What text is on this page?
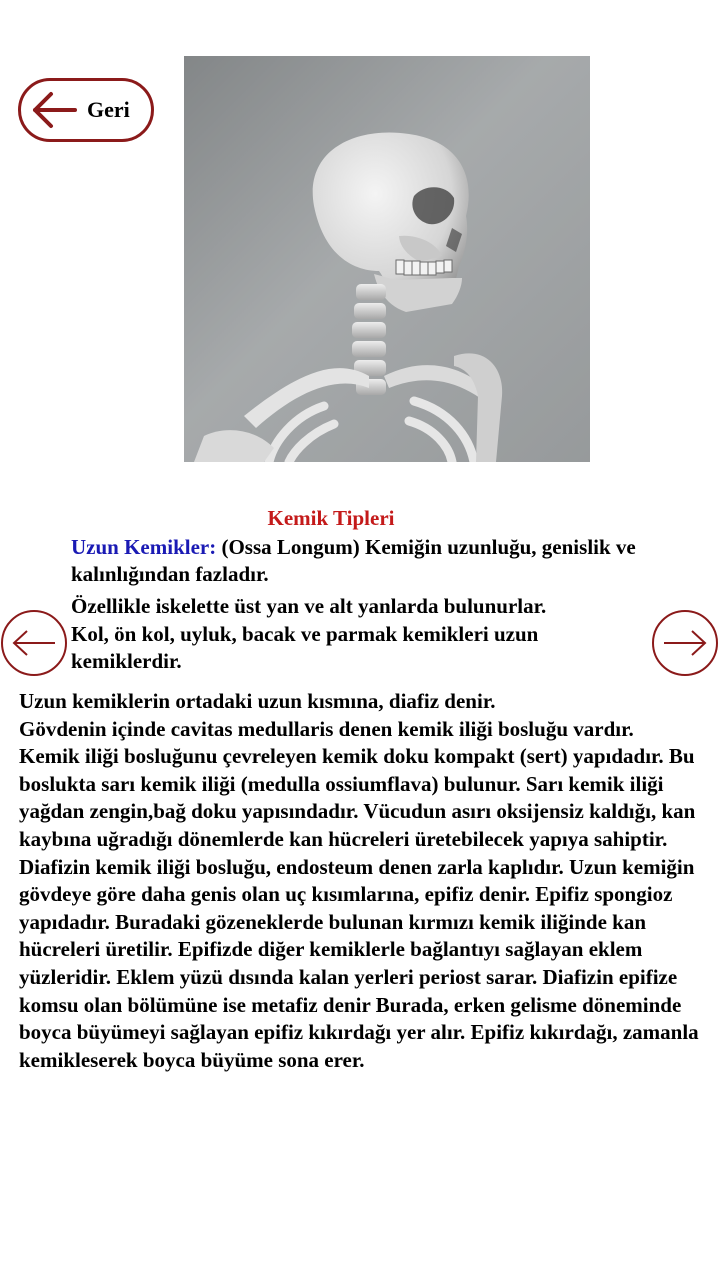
Geri
Kemik Tipleri
Uzun Kemikler: (Ossa Longum) Kemiğin uzunluğu, genislik ve kalınlığından fazladır.
Özellikle iskelette üst yan ve alt yanlarda bulunurlar.
Kol, ön kol, uyluk, bacak ve parmak kemikleri uzun kemiklerdir.

Uzun kemiklerin ortadaki uzun kısmına, diafiz denir.

Gövdenin içinde cavitas medullaris denen kemik iliği bosluğu vardır.

Kemik iliği bosluğunu çevreleyen kemik doku kompakt (sert) yapıdadır. Bu boslukta sarı kemik iliği (medulla ossiumflava) bulunur. Sarı kemik iliği yağdan zengin,bağ doku yapısındadır. Vücudun asırı oksijensiz kaldığı, kan kaybına uğradığı dönemlerde kan hücreleri üretebilecek yapıya sahiptir. Diafizin kemik iliği bosluğu, endosteum denen zarla kaplıdır. Uzun kemiğin gövdeye göre daha genis olan uç kısımlarına, epifiz denir. Epifiz spongioz yapıdadır. Buradaki gözeneklerde bulunan kırmızı kemik iliğinde kan hücreleri üretilir. Epifizde diğer kemiklerle bağlantıyı sağlayan eklem yüzleridir. Eklem yüzü dısında kalan yerleri periost sarar. Diafizin epifize komsu olan bölümüne ise metafiz denir Burada, erken gelisme döneminde boyca büyümeyi sağlayan epifiz kıkırdağı yer alır. Epifiz kıkırdağı, zamanla kemikleserek boyca büyüme sona erer.
